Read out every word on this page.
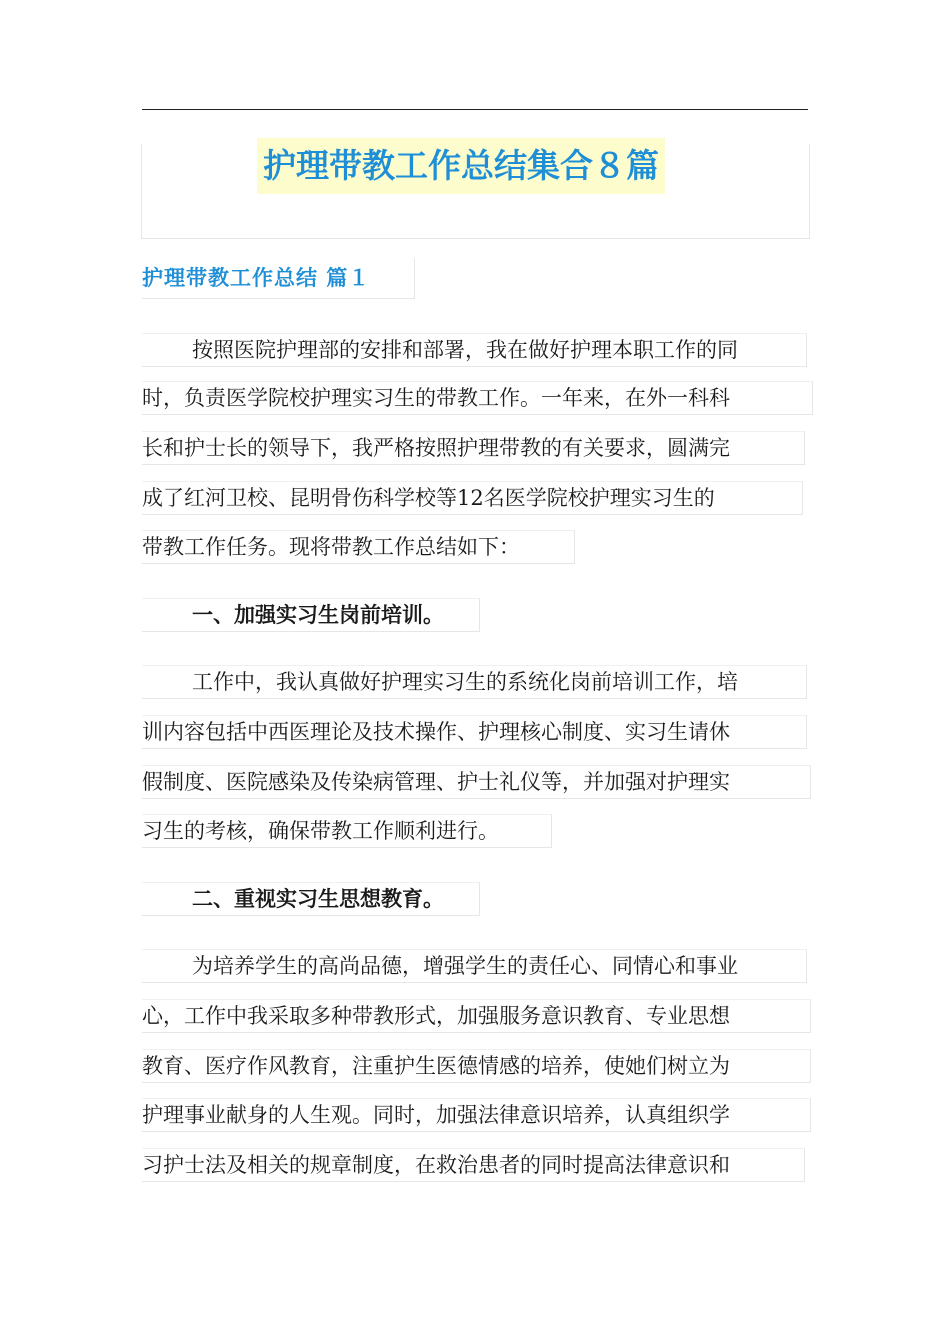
护理带教工作总结集合８篇
护理带教工作总结 篇１
按照医院护理部的安排和部署，我在做好护理本职工作的同
时，负责医学院校护理实习生的带教工作。一年来，在外一科科
长和护士长的领导下，我严格按照护理带教的有关要求，圆满完
成了红河卫校、昆明骨伤科学校等12名医学院校护理实习生的
带教工作任务。现将带教工作总结如下：
一、加强实习生岗前培训。
工作中，我认真做好护理实习生的系统化岗前培训工作，培
训内容包括中西医理论及技术操作、护理核心制度、实习生请休
假制度、医院感染及传染病管理、护士礼仪等，并加强对护理实
习生的考核，确保带教工作顺利进行。
二、重视实习生思想教育。
为培养学生的高尚品德，增强学生的责任心、同情心和事业
心，工作中我采取多种带教形式，加强服务意识教育、专业思想
教育、医疗作风教育，注重护生医德情感的培养，使她们树立为
护理事业献身的人生观。同时，加强法律意识培养，认真组织学
习护士法及相关的规章制度，在救治患者的同时提高法律意识和
